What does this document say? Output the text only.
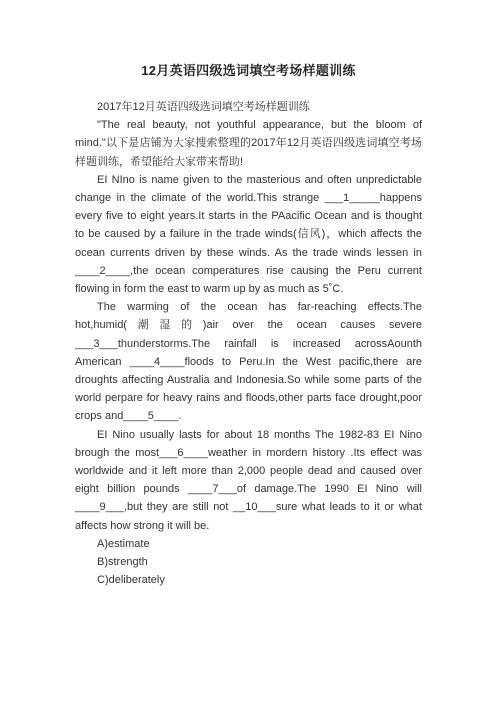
12月英语四级选词填空考场样题训练

2017年12月英语四级选词填空考场样题训练

"The real beauty, not youthful appearance, but the bloom of mind."以下是店铺为大家搜索整理的2017年12月英语四级选词填空考场样题训练，希望能给大家带来帮助!

EI NIno is name given to the masterious and often unpredictable change in the climate of the world.This strange ___1_____happens every five to eight years.It starts in the PAacific Ocean and is thought to be caused by a failure in the trade winds(信风)，which affects the ocean currents driven by these winds. As the trade winds lessen in ____2____,the ocean comperatures rise causing the Peru current flowing in form the east to warm up by as much as 5˚C.

The warming of the ocean has far-reaching effects.The hot,humid(潮湿的)air over the ocean causes severe ___3___thunderstorms.The rainfall is increased acrossAounth American ____4____floods to Peru.In the West pacific,there are droughts affecting Australia and Indonesia.So while some parts of the world perpare for heavy rains and floods,other parts face drought,poor crops and____5____.

EI Nino usually lasts for about 18 months The 1982-83 EI Nino brough the most___6____weather in mordern history .Its effect was worldwide and it left more than 2,000 people dead and caused over eight billion pounds ____7___of damage.The 1990 EI Nino will ____9___,but they are still not __10___sure what leads to it or what affects how strong it will be.

A)estimate

B)strength

C)deliberately
